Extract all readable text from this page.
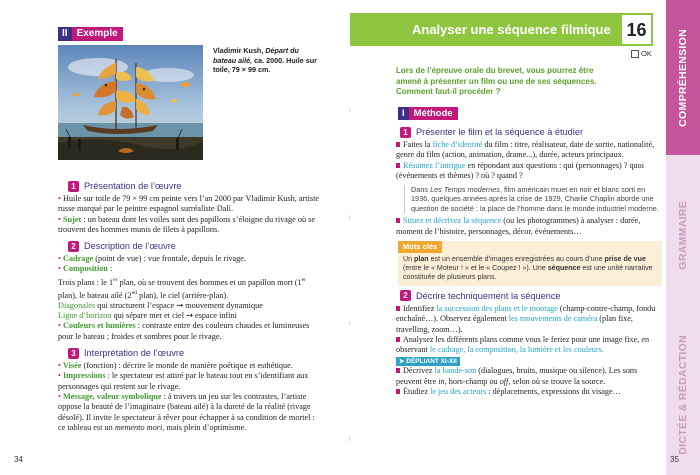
II Exemple
Vladimir Kush, Départ du bateau ailé, ca. 2000. Huile sur toile, 79 × 99 cm.
1 Présentation de l’œuvre

• Huile sur toile de 79 × 99 cm peinte vers l’an 2000 par Vladimir Kush, artiste russe marqué par le peintre espagnol surréaliste Dalí.

• Sujet : un bateau dont les voiles sont des papillons s’éloigne du rivage où se trouvent des hommes munis de filets à papillons.

2 Description de l’œuvre

• Cadrage (point de vue) : vue frontale, depuis le rivage.

• Composition :

Trois plans : le 1er plan, où se trouvent des hommes et un papillon mort (1er plan), le bateau ailé (2nd plan), le ciel (arrière-plan).

Diagonales qui structurent l’espace ➞ mouvement dynamique

Ligne d’horizon qui sépare mer et ciel ➞ espace infini

• Couleurs et lumières : contraste entre des couleurs chaudes et lumineuses pour le bateau ; froides et sombres pour le rivage.

3 Interprétation de l’œuvre

• Visée (fonction) : décrire le monde de manière poétique et esthétique.

• Impressions : le spectateur est attiré par le bateau tout en s’identifiant aux personnages qui restent sur le rivage.

• Message, valeur symbolique : à travers un jeu sur les contrastes, l’artiste oppose la beauté de l’imaginaire (bateau ailé) à la dureté de la réalité (rivage désolé). Il invite le spectateur à rêver pour échapper à sa condition de mortel : ce tableau est un memento mori, mais plein d’optimisme.

34
Analyser une séquence filmique 16
OK
Lors de l’épreuve orale du brevet, vous pourrez être amené à présenter un film ou une de ses séquences. Comment faut-il procéder ?
I Méthode
1 Présenter le film et la séquence à étudier

Faites la fiche d’identité du film : titre, réalisateur, date de sortie, nationalité, genre du film (action, animation, drame...), durée, acteurs principaux.

Résumez l’intrigue en répondant aux questions : qui (personnages) ? quoi (événements et thèmes) ? où ? quand ?

Dans Les Temps modernes, film américain muet en noir et blanc sorti en 1936, quelques années après la crise de 1929, Charlie Chaplin aborde une question de société : la place de l’homme dans le monde industriel moderne.

Situez et décrivez la séquence (ou les photogrammes) à analyser : durée, moment de l’histoire, personnages, décor, événements…

Mots clés
Un plan est un ensemble d’images enregistrées au cours d’une prise de vue (entre le « Moteur ! » et le « Coupez ! »). Une séquence est une unité narrative constituée de plusieurs plans.
2 Décrire techniquement la séquence

Identifiez la succession des plans et le montage (champ-contre-champ, fondu enchaîné…). Observez également les mouvements de caméra (plan fixe, travelling, zoom…).

Analysez les différents plans comme vous le feriez pour une image fixe, en observant le cadrage, la composition, la lumière et les couleurs. ➤ DÉPLIANT XI-XII

Décrivez la bande-son (dialogues, bruits, musique ou silence). Les sons peuvent être in, hors-champ ou off, selon où se trouve la source.

Étudiez le jeu des acteurs : déplacements, expressions du visage…

COMPRÉHENSION
GRAMMAIRE
DICTÉE & RÉDACTION
35
